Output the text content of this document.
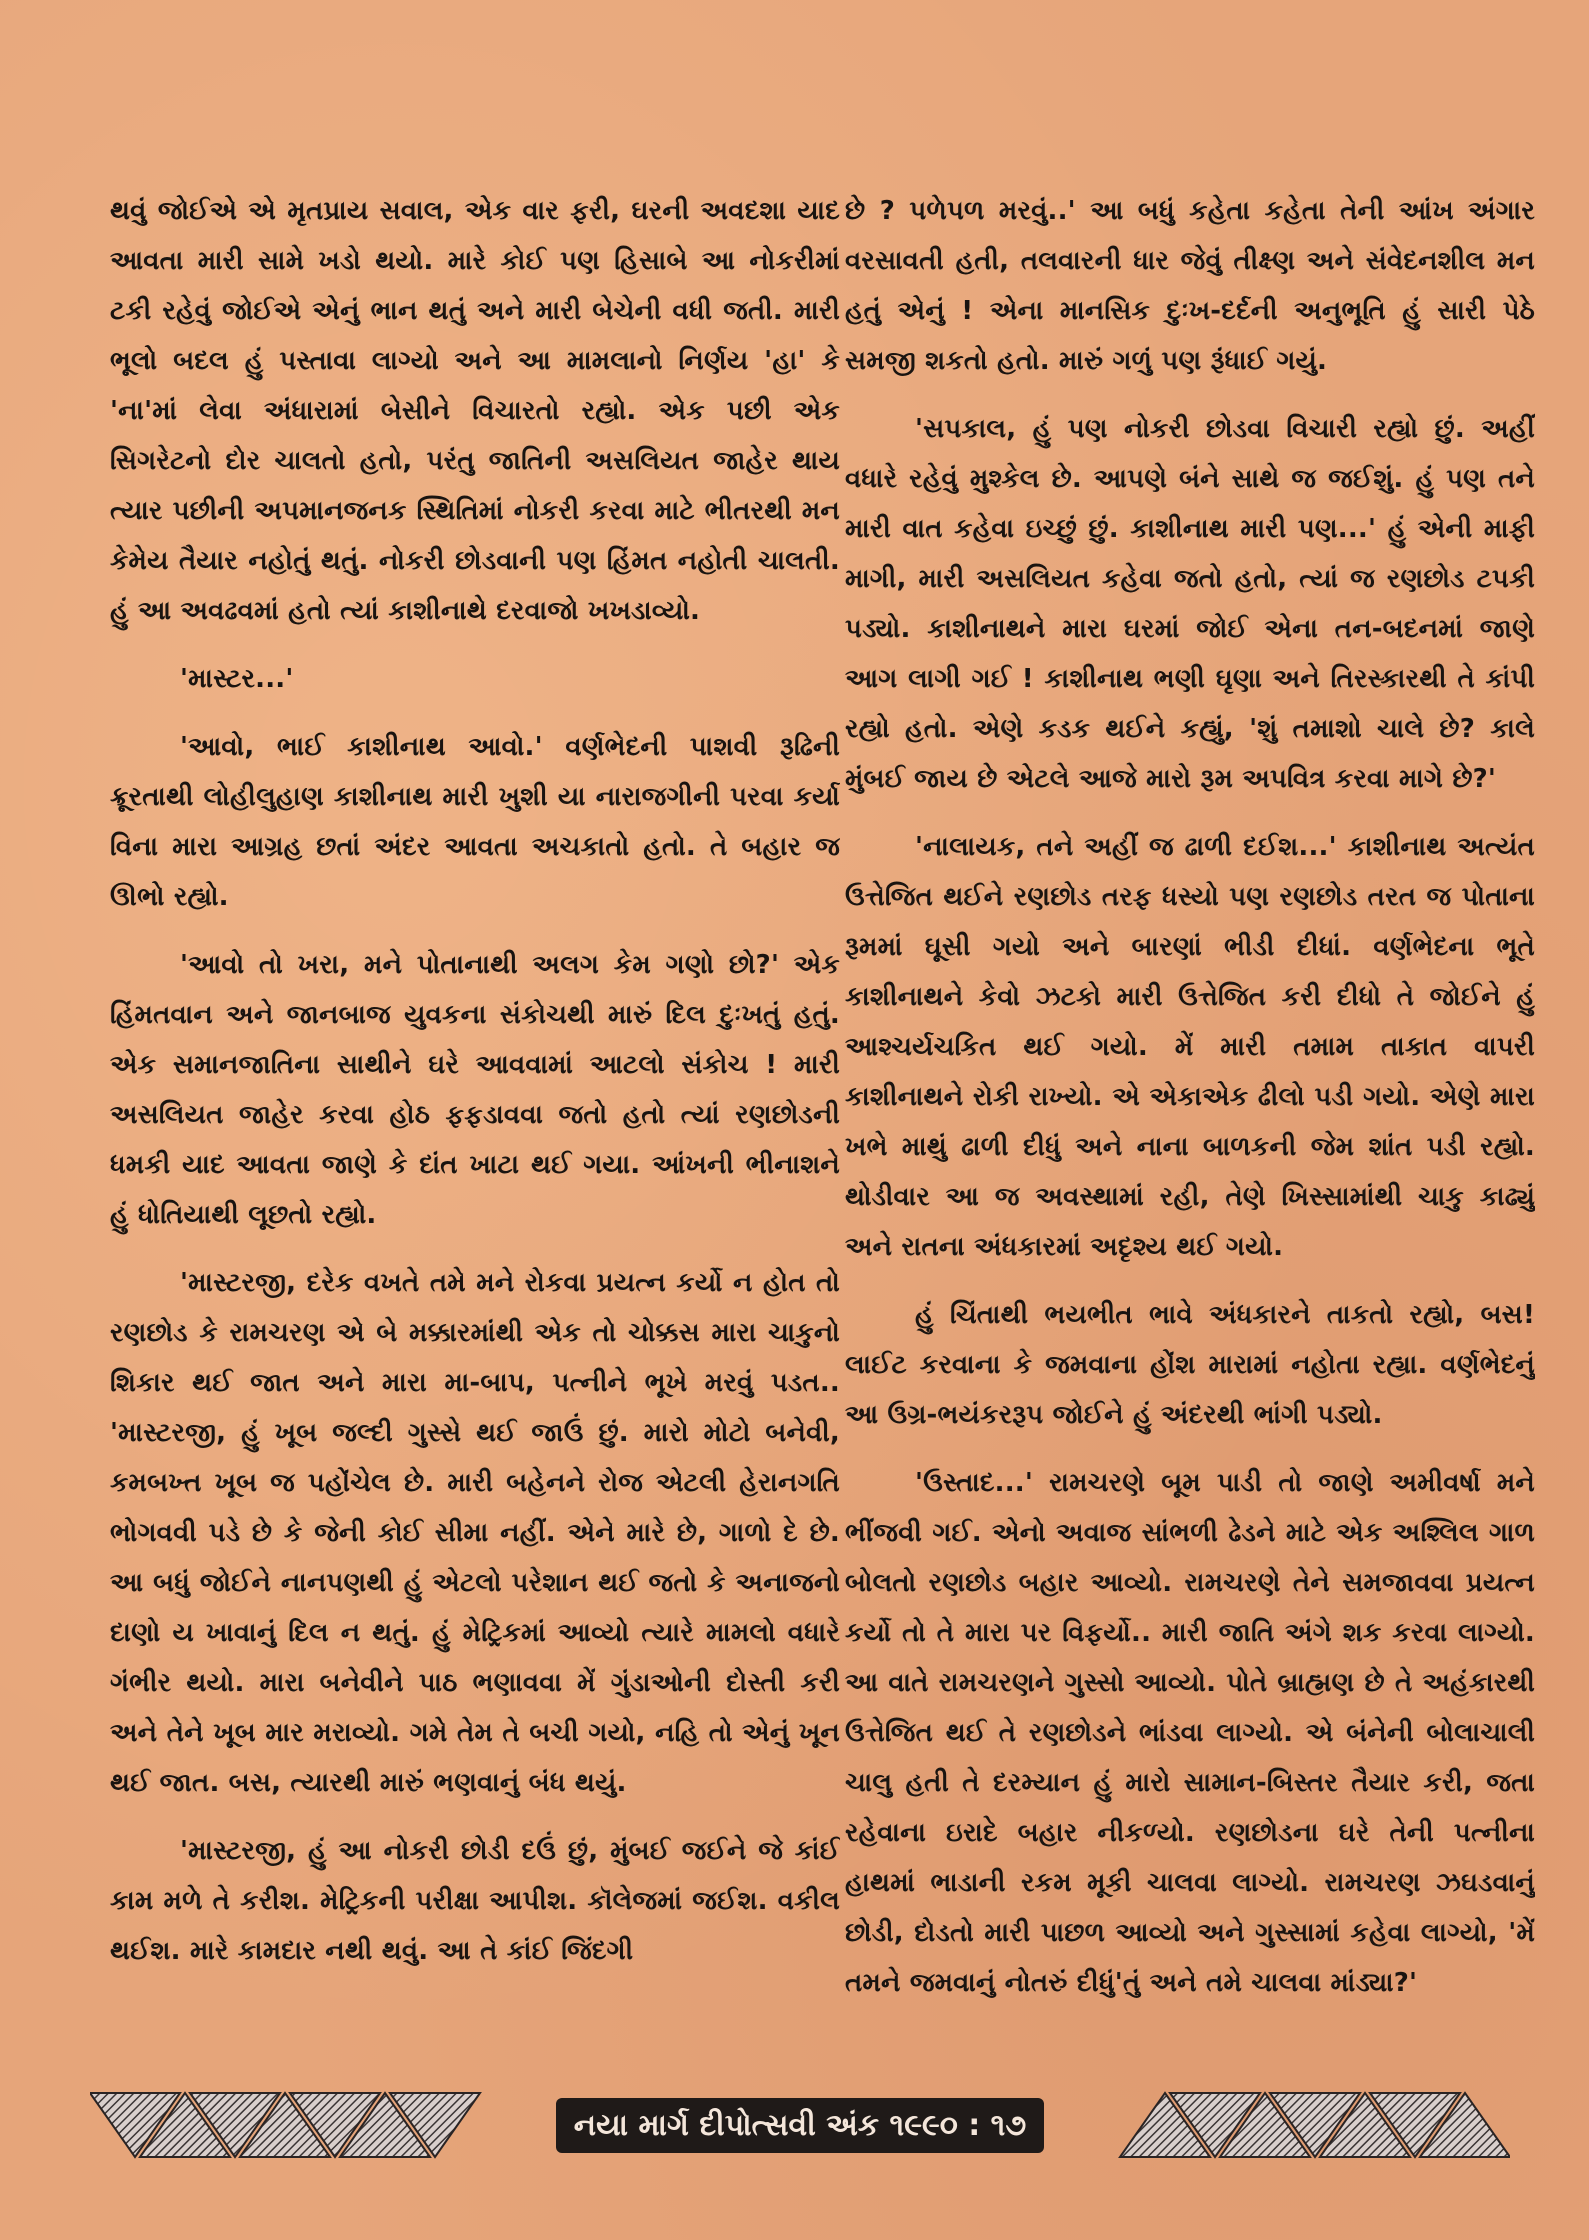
થવું જોઈએ એ મૃતપ્રાય સવાલ, એક વાર ફરી, ઘરની અવદશા યાદ આવતા મારી સામે ખડો થયો. મારે કોઈ પણ હિસાબે આ નોકરીમાં ટકી રહેવું જોઈએ એનું ભાન થતું અને મારી બેચેની વધી જતી. મારી ભૂલો બદલ હું પસ્તાવા લાગ્યો અને આ મામલાનો નિર્ણય 'હા' કે 'ના'માં લેવા અંધારામાં બેસીને વિચારતો રહ્યો. એક પછી એક સિગરેટનો દોર ચાલતો હતો, પરંતુ જાતિની અસલિયત જાહેર થાય ત્યાર પછીની અપમાનજનક સ્થિતિમાં નોકરી કરવા માટે ભીતરથી મન કેમેય તૈયાર નહોતું થતું. નોકરી છોડવાની પણ હિંમત નહોતી ચાલતી. હું આ અવઢવમાં હતો ત્યાં કાશીનાથે દરવાજો ખખડાવ્યો.

'માસ્ટર...'

'આવો, ભાઈ કાશીનાથ આવો.' વર્ણભેદની પાશવી રૂઢિની ક્રૂરતાથી લોહીલુહાણ કાશીનાથ મારી ખુશી યા નારાજગીની પરવા કર્યા વિના મારા આગ્રહ છતાં અંદર આવતા અચકાતો હતો. તે બહાર જ ઊભો રહ્યો.

'આવો તો ખરા, મને પોતાનાથી અલગ કેમ ગણો છો?' એક હિંમતવાન અને જાનબાજ યુવકના સંકોચથી મારું દિલ દુઃખતું હતું. એક સમાનજાતિના સાથીને ઘરે આવવામાં આટલો સંકોચ ! મારી અસલિયત જાહેર કરવા હોઠ ફફડાવવા જતો હતો ત્યાં રણછોડની ધમકી યાદ આવતા જાણે કે દાંત ખાટા થઈ ગયા. આંખની ભીનાશને હું ધોતિયાથી લૂછતો રહ્યો.

'માસ્ટરજી, દરેક વખતે તમે મને રોકવા પ્રયત્ન કર્યો ન હોત તો રણછોડ કે રામચરણ એ બે મક્કારમાંથી એક તો ચોક્કસ મારા ચાકુનો શિકાર થઈ જાત અને મારા મા-બાપ, પત્નીને ભૂખે મરવું પડત.. 'માસ્ટરજી, હું ખૂબ જલ્દી ગુસ્સે થઈ જાઉં છું. મારો મોટો બનેવી, કમબખ્ત ખૂબ જ પહોંચેલ છે. મારી બહેનને રોજ એટલી હેરાનગતિ ભોગવવી પડે છે કે જેની કોઈ સીમા નહીં. એને મારે છે, ગાળો દે છે. આ બધું જોઈને નાનપણથી હું એટલો પરેશાન થઈ જતો કે અનાજનો દાણો ય ખાવાનું દિલ ન થતું. હું મેટ્રિકમાં આવ્યો ત્યારે મામલો વધારે ગંભીર થયો. મારા બનેવીને પાઠ ભણાવવા મેં ગુંડાઓની દોસ્તી કરી અને તેને ખૂબ માર મરાવ્યો. ગમે તેમ તે બચી ગયો, નહિ તો એનું ખૂન થઈ જાત. બસ, ત્યારથી મારું ભણવાનું બંધ થયું.

'માસ્ટરજી, હું આ નોકરી છોડી દઉં છું, મુંબઈ જઈને જે કાંઈ કામ મળે તે કરીશ. મેટ્રિકની પરીક્ષા આપીશ. કૉલેજમાં જઈશ. વકીલ થઈશ. મારે કામદાર નથી થવું. આ તે કાંઈ જિંદગી

છે ? પળેપળ મરવું..' આ બધું કહેતા કહેતા તેની આંખ અંગાર વરસાવતી હતી, તલવારની ધાર જેવું તીક્ષ્ણ અને સંવેદનશીલ મન હતું એનું ! એના માનસિક દુઃખ-દર્દની અનુભૂતિ હું સારી પેઠે સમજી શકતો હતો. મારું ગળું પણ રૂંધાઈ ગયું.

'સપકાલ, હું પણ નોકરી છોડવા વિચારી રહ્યો છું. અહીં વધારે રહેવું મુશ્કેલ છે. આપણે બંને સાથે જ જઈશું. હું પણ તને મારી વાત કહેવા ઇચ્છું છું. કાશીનાથ મારી પણ...' હું એની માફી માગી, મારી અસલિયત કહેવા જતો હતો, ત્યાં જ રણછોડ ટપકી પડ્યો. કાશીનાથને મારા ઘરમાં જોઈ એના તન-બદનમાં જાણે આગ લાગી ગઈ ! કાશીનાથ ભણી ઘૃણા અને તિરસ્કારથી તે કાંપી રહ્યો હતો. એણે કડક થઈને કહ્યું, 'શું તમાશો ચાલે છે? કાલે મુંબઈ જાય છે એટલે આજે મારો રૂમ અપવિત્ર કરવા માગે છે?'

'નાલાયક, તને અહીં જ ઢાળી દઈશ...' કાશીનાથ અત્યંત ઉત્તેજિત થઈને રણછોડ તરફ ધસ્યો પણ રણછોડ તરત જ પોતાના રૂમમાં ઘૂસી ગયો અને બારણાં ભીડી દીધાં. વર્ણભેદના ભૂતે કાશીનાથને કેવો ઝટકો મારી ઉત્તેજિત કરી દીધો તે જોઈને હું આશ્ચર્યચકિત થઈ ગયો. મેં મારી તમામ તાકાત વાપરી કાશીનાથને રોકી રાખ્યો. એ એકાએક ઢીલો પડી ગયો. એણે મારા ખભે માથું ઢાળી દીધું અને નાના બાળકની જેમ શાંત પડી રહ્યો. થોડીવાર આ જ અવસ્થામાં રહી, તેણે ખિસ્સામાંથી ચાકુ કાઢ્યું અને રાતના અંધકારમાં અદૃશ્ય થઈ ગયો.

હું ચિંતાથી ભયભીત ભાવે અંધકારને તાકતો રહ્યો, બસ! લાઈટ કરવાના કે જમવાના હોંશ મારામાં નહોતા રહ્યા. વર્ણભેદનું આ ઉગ્ર-ભયંકરરૂપ જોઈને હું અંદરથી ભાંગી પડ્યો.

'ઉસ્તાદ...' રામચરણે બૂમ પાડી તો જાણે અમીવર્ષા મને ભીંજવી ગઈ. એનો અવાજ સાંભળી ઢેડને માટે એક અશ્લિલ ગાળ બોલતો રણછોડ બહાર આવ્યો. રામચરણે તેને સમજાવવા પ્રયત્ન કર્યો તો તે મારા પર વિફર્યો.. મારી જાતિ અંગે શક કરવા લાગ્યો. આ વાતે રામચરણને ગુસ્સો આવ્યો. પોતે બ્રાહ્મણ છે તે અહંકારથી ઉત્તેજિત થઈ તે રણછોડને ભાંડવા લાગ્યો. એ બંનેની બોલાચાલી ચાલુ હતી તે દરમ્યાન હું મારો સામાન-બિસ્તર તૈયાર કરી, જતા રહેવાના ઇરાદે બહાર નીકળ્યો. રણછોડના ઘરે તેની પત્નીના હાથમાં ભાડાની રકમ મૂકી ચાલવા લાગ્યો. રામચરણ ઝઘડવાનું છોડી, દોડતો મારી પાછળ આવ્યો અને ગુસ્સામાં કહેવા લાગ્યો, 'મેં તમને જમવાનું નોતરું દીધું'તું અને તમે ચાલવા માંડ્યા?'

નયા માર્ગ દીપોત્સવી અંક ૧૯૯૦ : ૧૭
